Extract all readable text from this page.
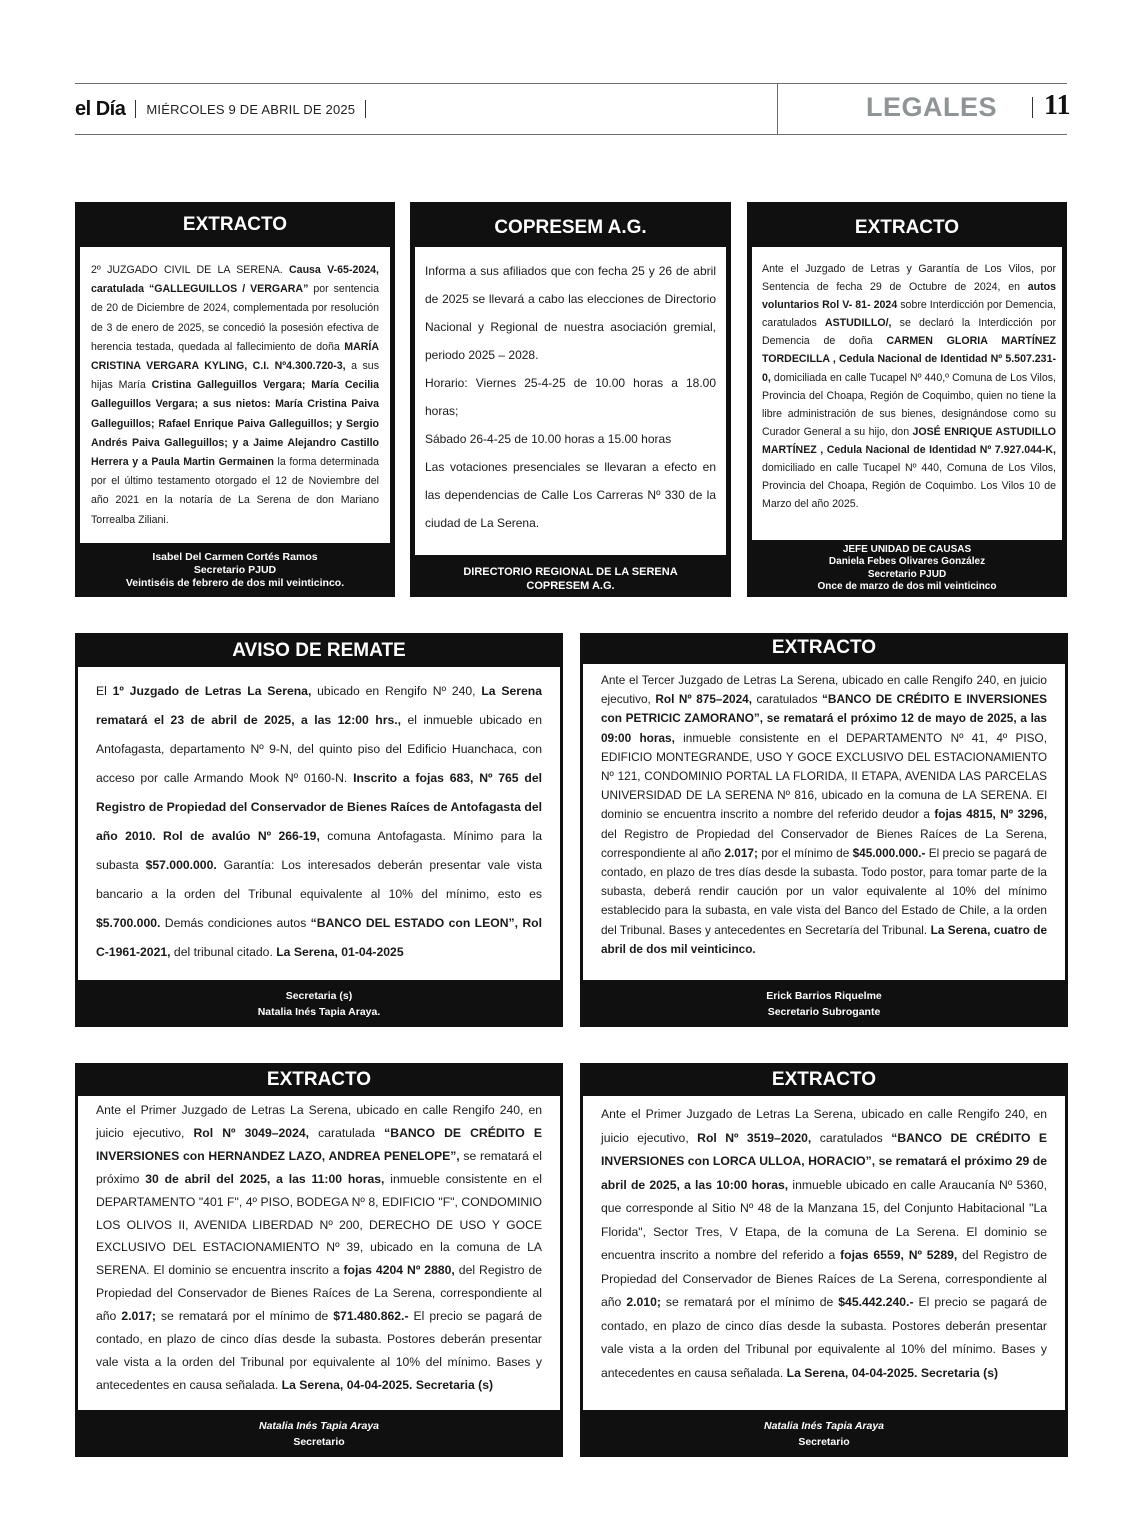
el Día MIÉRCOLES 9 DE ABRIL DE 2025	LEGALES 11
EXTRACTO

2º JUZGADO CIVIL DE LA SERENA. Causa V-65-2024, caratulada “GALLEGUILLOS / VERGARA” por sentencia de 20 de Diciembre de 2024, complementada por resolución de 3 de enero de 2025, se concedió la posesión efectiva de herencia testada, quedada al fallecimiento de doña MARÍA CRISTINA VERGARA KYLING, C.I. Nº4.300.720-3, a sus hijas María Cristina Galleguillos Vergara; María Cecilia Galleguillos Vergara; a sus nietos: María Cristina Paiva Galleguillos; Rafael Enrique Paiva Galleguillos; y Sergio Andrés Paiva Galleguillos; y a Jaime Alejandro Castillo Herrera y a Paula Martin Germainen la forma determinada por el último testamento otorgado el 12 de Noviembre del año 2021 en la notaría de La Serena de don Mariano Torrealba Ziliani.

Isabel Del Carmen Cortés Ramos
Secretario PJUD
Veintiséis de febrero de dos mil veinticinco.
COPRESEM A.G.

Informa a sus afiliados que con fecha 25 y 26 de abril de 2025 se llevará a cabo las elecciones de Directorio Nacional y Regional de nuestra asociación gremial, periodo 2025 – 2028.

Horario: Viernes 25-4-25 de 10.00 horas a 18.00 horas;

Sábado 26-4-25 de 10.00 horas a 15.00 horas

Las votaciones presenciales se llevaran a efecto en las dependencias de Calle Los Carreras Nº 330 de la ciudad de La Serena.

DIRECTORIO REGIONAL DE LA SERENA
COPRESEM A.G.
EXTRACTO

Ante el Juzgado de Letras y Garantía de Los Vilos, por Sentencia de fecha 29 de Octubre de 2024, en autos voluntarios Rol V- 81- 2024 sobre Interdicción por Demencia, caratulados ASTUDILLO/, se declaró la Interdicción por Demencia de doña CARMEN GLORIA MARTÍNEZ TORDECILLA , Cedula Nacional de Identidad Nº 5.507.231-0, domiciliada en calle Tucapel Nº 440,º Comuna de Los Vilos, Provincia del Choapa, Región de Coquimbo, quien no tiene la libre administración de sus bienes, designándose como su Curador General a su hijo, don JOSÉ ENRIQUE ASTUDILLO MARTÍNEZ , Cedula Nacional de Identidad Nº 7.927.044-K, domiciliado en calle Tucapel Nº 440, Comuna de Los Vilos, Provincia del Choapa, Región de Coquimbo. Los Vilos 10 de Marzo del año 2025.

JEFE UNIDAD DE CAUSAS
Daniela Febes Olivares González
Secretario PJUD
Once de marzo de dos mil veinticinco
AVISO DE REMATE

El 1º Juzgado de Letras La Serena, ubicado en Rengifo Nº 240, La Serena rematará el 23 de abril de 2025, a las 12:00 hrs., el inmueble ubicado en Antofagasta, departamento Nº 9-N, del quinto piso del Edificio Huanchaca, con acceso por calle Armando Mook Nº 0160-N. Inscrito a fojas 683, Nº 765 del Registro de Propiedad del Conservador de Bienes Raíces de Antofagasta del año 2010. Rol de avalúo Nº 266-19, comuna Antofagasta. Mínimo para la subasta $57.000.000. Garantía: Los interesados deberán presentar vale vista bancario a la orden del Tribunal equivalente al 10% del mínimo, esto es $5.700.000. Demás condiciones autos “BANCO DEL ESTADO con LEON”, Rol C-1961-2021, del tribunal citado. La Serena, 01-04-2025

Secretaria (s)
Natalia Inés Tapia Araya.
EXTRACTO

Ante el Tercer Juzgado de Letras La Serena, ubicado en calle Rengifo 240, en juicio ejecutivo, Rol Nº 875–2024, caratulados “BANCO DE CRÉDITO E INVERSIONES con PETRICIC ZAMORANO”, se rematará el próximo 12 de mayo de 2025, a las 09:00 horas, inmueble consistente en el DEPARTAMENTO Nº 41, 4º PISO, EDIFICIO MONTEGRANDE, USO Y GOCE EXCLUSIVO DEL ESTACIONAMIENTO Nº 121, CONDOMINIO PORTAL LA FLORIDA, II ETAPA, AVENIDA LAS PARCELAS UNIVERSIDAD DE LA SERENA Nº 816, ubicado en la comuna de LA SERENA. El dominio se encuentra inscrito a nombre del referido deudor a fojas 4815, Nº 3296, del Registro de Propiedad del Conservador de Bienes Raíces de La Serena, correspondiente al año 2.017; por el mínimo de $45.000.000.- El precio se pagará de contado, en plazo de tres días desde la subasta. Todo postor, para tomar parte de la subasta, deberá rendir caución por un valor equivalente al 10% del mínimo establecido para la subasta, en vale vista del Banco del Estado de Chile, a la orden del Tribunal. Bases y antecedentes en Secretaría del Tribunal. La Serena, cuatro de abril de dos mil veinticinco.

Erick Barrios Riquelme
Secretario Subrogante
EXTRACTO

Ante el Primer Juzgado de Letras La Serena, ubicado en calle Rengifo 240, en juicio ejecutivo, Rol Nº 3049–2024, caratulada “BANCO DE CRÉDITO E INVERSIONES con HERNANDEZ LAZO, ANDREA PENELOPE”, se rematará el próximo 30 de abril del 2025, a las 11:00 horas, inmueble consistente en el DEPARTAMENTO "401 F", 4º PISO, BODEGA Nº 8, EDIFICIO "F", CONDOMINIO LOS OLIVOS II, AVENIDA LIBERDAD Nº 200, DERECHO DE USO Y GOCE EXCLUSIVO DEL ESTACIONAMIENTO Nº 39, ubicado en la comuna de LA SERENA. El dominio se encuentra inscrito a fojas 4204 Nº 2880, del Registro de Propiedad del Conservador de Bienes Raíces de La Serena, correspondiente al año 2.017; se rematará por el mínimo de $71.480.862.- El precio se pagará de contado, en plazo de cinco días desde la subasta. Postores deberán presentar vale vista a la orden del Tribunal por equivalente al 10% del mínimo. Bases y antecedentes en causa señalada. La Serena, 04-04-2025. Secretaria (s)

Natalia Inés Tapia Araya
Secretario
EXTRACTO

Ante el Primer Juzgado de Letras La Serena, ubicado en calle Rengifo 240, en juicio ejecutivo, Rol Nº 3519–2020, caratulados “BANCO DE CRÉDITO E INVERSIONES con LORCA ULLOA, HORACIO”, se rematará el próximo 29 de abril de 2025, a las 10:00 horas, inmueble ubicado en calle Araucanía Nº 5360, que corresponde al Sitio Nº 48 de la Manzana 15, del Conjunto Habitacional "La Florida", Sector Tres, V Etapa, de la comuna de La Serena. El dominio se encuentra inscrito a nombre del referido a fojas 6559, Nº 5289, del Registro de Propiedad del Conservador de Bienes Raíces de La Serena, correspondiente al año 2.010; se rematará por el mínimo de $45.442.240.- El precio se pagará de contado, en plazo de cinco días desde la subasta. Postores deberán presentar vale vista a la orden del Tribunal por equivalente al 10% del mínimo. Bases y antecedentes en causa señalada. La Serena, 04-04-2025. Secretaria (s)

Natalia Inés Tapia Araya
Secretario
